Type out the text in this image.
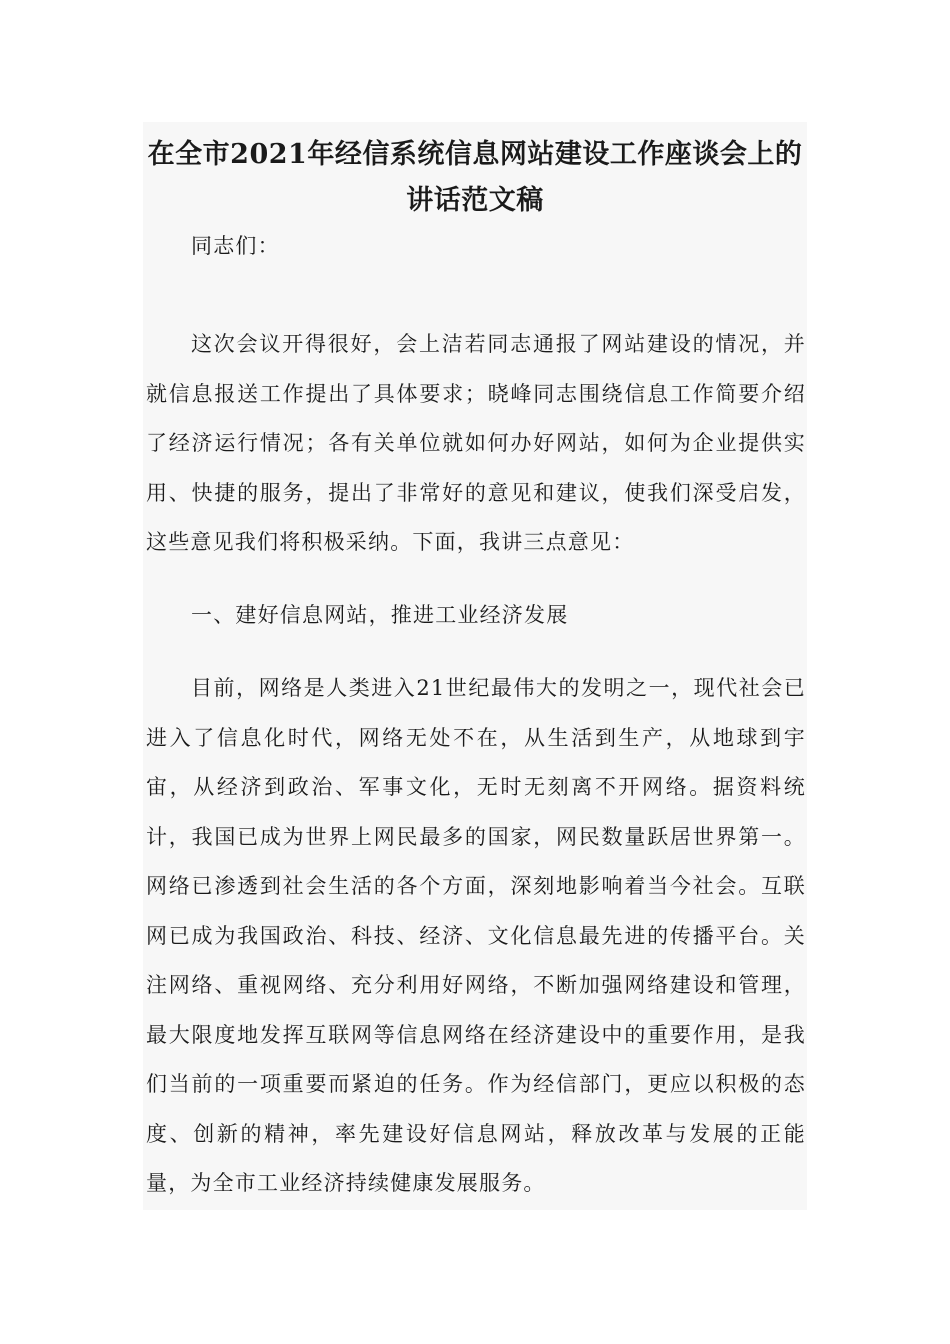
在全市2021年经信系统信息网站建设工作座谈会上的讲话范文稿

同志们：

这次会议开得很好，会上洁若同志通报了网站建设的情况，并就信息报送工作提出了具体要求；晓峰同志围绕信息工作简要介绍了经济运行情况；各有关单位就如何办好网站，如何为企业提供实用、快捷的服务，提出了非常好的意见和建议，使我们深受启发，这些意见我们将积极采纳。下面，我讲三点意见：

一、建好信息网站，推进工业经济发展

目前，网络是人类进入21世纪最伟大的发明之一，现代社会已进入了信息化时代，网络无处不在，从生活到生产，从地球到宇宙，从经济到政治、军事文化，无时无刻离不开网络。据资料统计，我国已成为世界上网民最多的国家，网民数量跃居世界第一。网络已渗透到社会生活的各个方面，深刻地影响着当今社会。互联网已成为我国政治、科技、经济、文化信息最先进的传播平台。关注网络、重视网络、充分利用好网络，不断加强网络建设和管理，最大限度地发挥互联网等信息网络在经济建设中的重要作用，是我们当前的一项重要而紧迫的任务。作为经信部门，更应以积极的态度、创新的精神，率先建设好信息网站，释放改革与发展的正能量，为全市工业经济持续健康发展服务。
